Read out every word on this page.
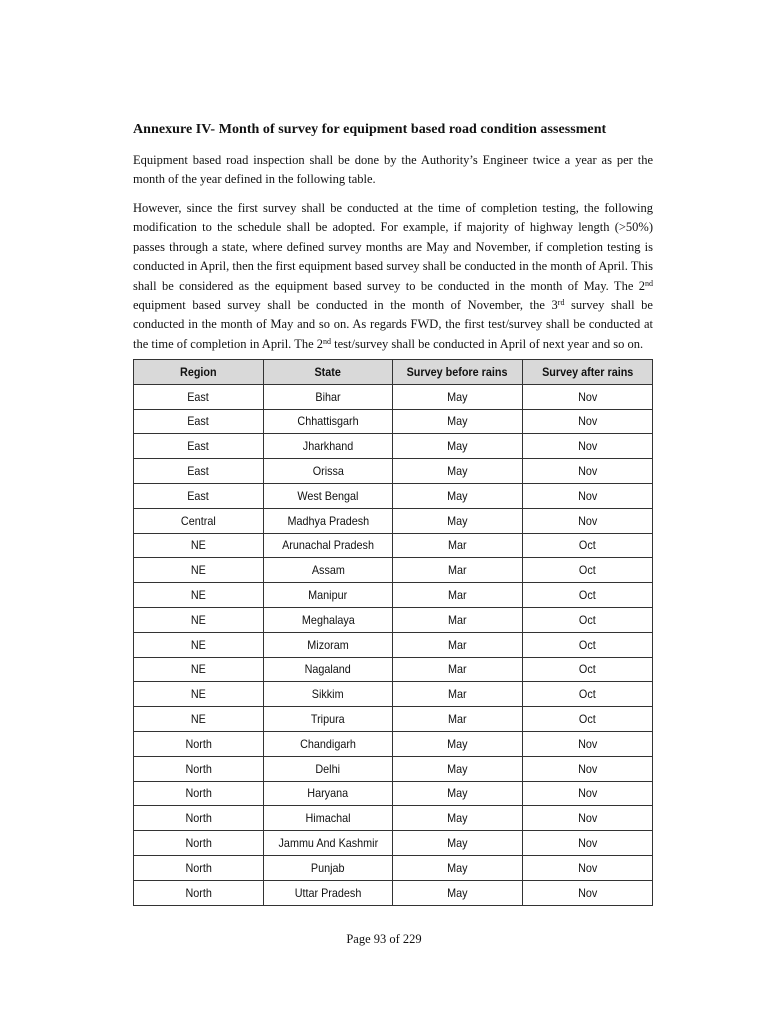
Annexure IV- Month of survey for equipment based road condition assessment

Equipment based road inspection shall be done by the Authority’s Engineer twice a year as per the month of the year defined in the following table.

However, since the first survey shall be conducted at the time of completion testing, the following modification to the schedule shall be adopted. For example, if majority of highway length (>50%) passes through a state, where defined survey months are May and November, if completion testing is conducted in April, then the first equipment based survey shall be conducted in the month of April. This shall be considered as the equipment based survey to be conducted in the month of May. The 2nd equipment based survey shall be conducted in the month of November, the 3rd survey shall be conducted in the month of May and so on. As regards FWD, the first test/survey shall be conducted at the time of completion in April. The 2nd test/survey shall be conducted in April of next year and so on.

Region	State	Survey before rains	Survey after rains
East	Bihar	May	Nov
East	Chhattisgarh	May	Nov
East	Jharkhand	May	Nov
East	Orissa	May	Nov
East	West Bengal	May	Nov
Central	Madhya Pradesh	May	Nov
NE	Arunachal Pradesh	Mar	Oct
NE	Assam	Mar	Oct
NE	Manipur	Mar	Oct
NE	Meghalaya	Mar	Oct
NE	Mizoram	Mar	Oct
NE	Nagaland	Mar	Oct
NE	Sikkim	Mar	Oct
NE	Tripura	Mar	Oct
North	Chandigarh	May	Nov
North	Delhi	May	Nov
North	Haryana	May	Nov
North	Himachal	May	Nov
North	Jammu And Kashmir	May	Nov
North	Punjab	May	Nov
North	Uttar Pradesh	May	Nov
Page 93 of 229
